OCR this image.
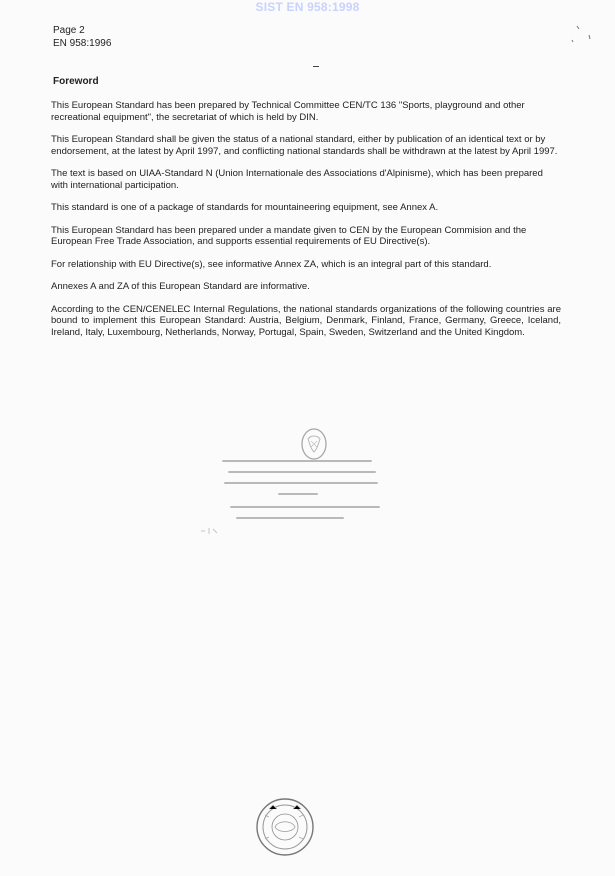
SIST EN 958:1998
Page 2
EN 958:1996
Foreword

This European Standard has been prepared by Technical Committee CEN/TC 136 "Sports, playground and other recreational equipment", the secretariat of which is held by DIN.

This European Standard shall be given the status of a national standard, either by publication of an identical text or by endorsement, at the latest by April 1997, and conflicting national standards shall be withdrawn at the latest by April 1997.

The text is based on UIAA-Standard N (Union Internationale des Associations d'Alpinisme), which has been prepared with international participation.

This standard is one of a package of standards for mountaineering equipment, see Annex A.

This European Standard has been prepared under a mandate given to CEN by the European Commision and the European Free Trade Association, and supports essential requirements of EU Directive(s).

For relationship with EU Directive(s), see informative Annex ZA, which is an integral part of this standard.

Annexes A and ZA of this European Standard are informative.

According to the CEN/CENELEC Internal Regulations, the national standards organizations of the following countries are bound to implement this European Standard: Austria, Belgium, Denmark, Finland, France, Germany, Greece, Iceland, Ireland, Italy, Luxembourg, Netherlands, Norway, Portugal, Spain, Sweden, Switzerland and the United Kingdom.
